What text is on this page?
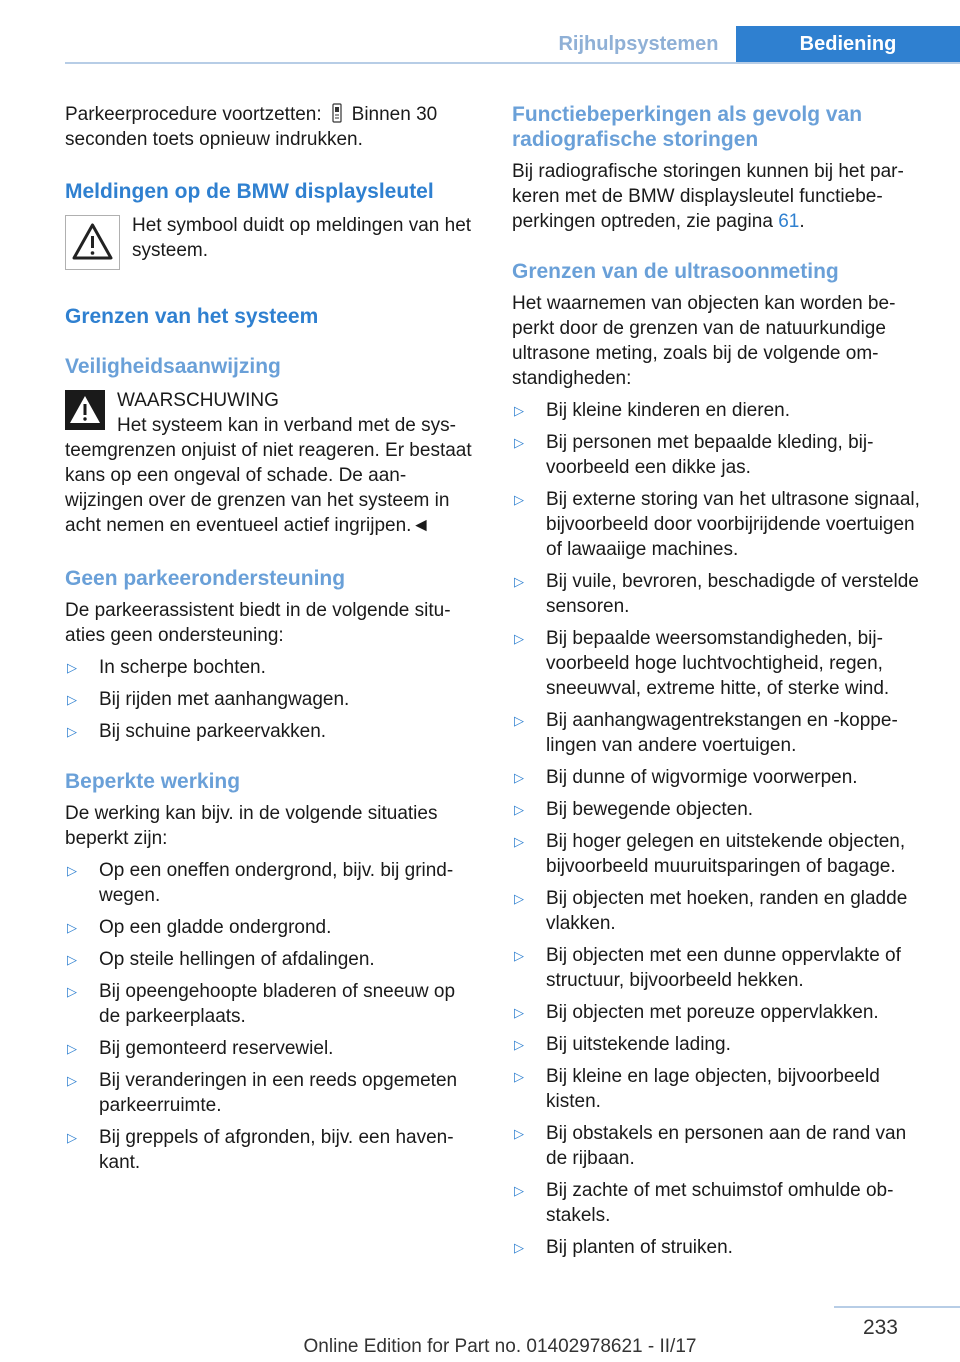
Rijhulpsystemen	Bediening

Parkeerprocedure voortzetten: Binnen 30 seconden toets opnieuw indrukken.

Meldingen op de BMW displaysleutel

Het symbool duidt op meldingen van het systeem.

Grenzen van het systeem

Veiligheidsaanwijzing

WAARSCHUWING

Het systeem kan in verband met de systeemgrenzen onjuist of niet reageren. Er bestaat kans op een ongeval of schade. De aanwijzingen over de grenzen van het systeem in acht nemen en eventueel actief ingrijpen.◄

Geen parkeerondersteuning

De parkeerassistent biedt in de volgende situaties geen ondersteuning:

▷ In scherpe bochten.
▷ Bij rijden met aanhangwagen.
▷ Bij schuine parkeervakken.

Beperkte werking

De werking kan bijv. in de volgende situaties beperkt zijn:

▷ Op een oneffen ondergrond, bijv. bij grindwegen.
▷ Op een gladde ondergrond.
▷ Op steile hellingen of afdalingen.
▷ Bij opeengehoopte bladeren of sneeuw op de parkeerplaats.
▷ Bij gemonteerd reservewiel.
▷ Bij veranderingen in een reeds opgemeten parkeerruimte.
▷ Bij greppels of afgronden, bijv. een havenkant.

Functiebeperkingen als gevolg van radiografische storingen

Bij radiografische storingen kunnen bij het parkeren met de BMW displaysleutel functiebeperkingen optreden, zie pagina 61.

Grenzen van de ultrasoonmeting

Het waarnemen van objecten kan worden beperkt door de grenzen van de natuurkundige ultrasone meting, zoals bij de volgende omstandigheden:

▷ Bij kleine kinderen en dieren.
▷ Bij personen met bepaalde kleding, bijvoorbeeld een dikke jas.
▷ Bij externe storing van het ultrasone signaal, bijvoorbeeld door voorbijrijdende voertuigen of lawaaiige machines.
▷ Bij vuile, bevroren, beschadigde of verstelde sensoren.
▷ Bij bepaalde weersomstandigheden, bijvoorbeeld hoge luchtvochtigheid, regen, sneeuwval, extreme hitte, of sterke wind.
▷ Bij aanhangwagentrekstangen en -koppelingen van andere voertuigen.
▷ Bij dunne of wigvormige voorwerpen.
▷ Bij bewegende objecten.
▷ Bij hoger gelegen en uitstekende objecten, bijvoorbeeld muuruitsparingen of bagage.
▷ Bij objecten met hoeken, randen en gladde vlakken.
▷ Bij objecten met een dunne oppervlakte of structuur, bijvoorbeeld hekken.
▷ Bij objecten met poreuze oppervlakken.
▷ Bij uitstekende lading.
▷ Bij kleine en lage objecten, bijvoorbeeld kisten.
▷ Bij obstakels en personen aan de rand van de rijbaan.
▷ Bij zachte of met schuimstof omhulde obstakels.
▷ Bij planten of struiken.
233
Online Edition for Part no. 01402978621 - II/17
